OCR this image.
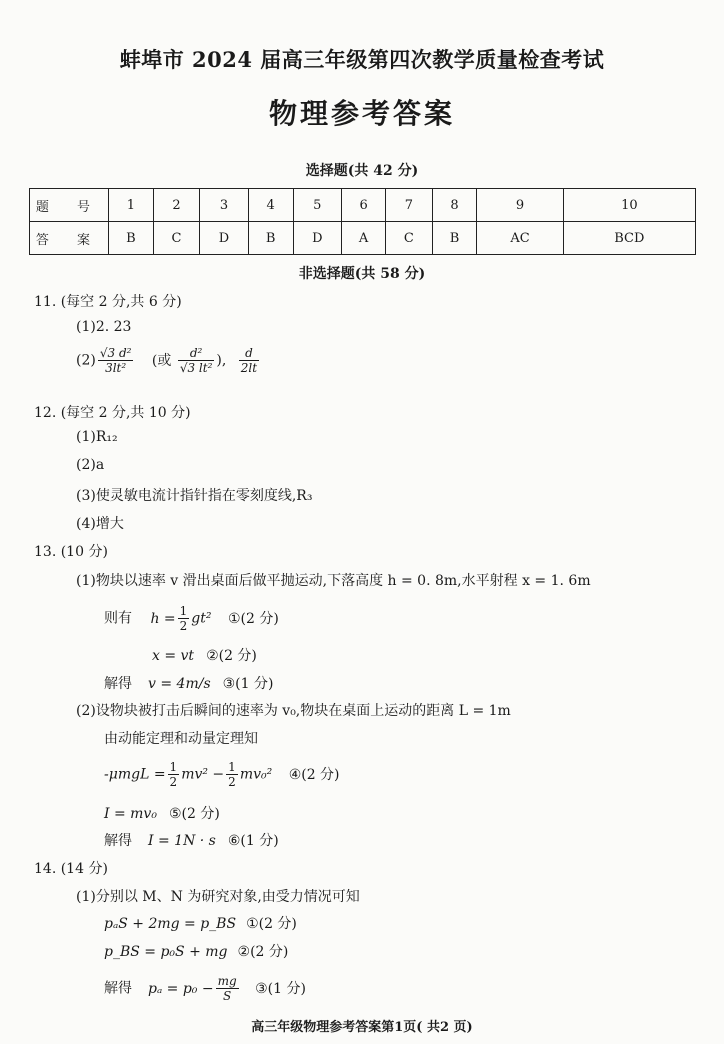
蚌埠市 2024 届高三年级第四次教学质量检查考试
物理参考答案
选择题(共 42 分)
题 号	1	2	3	4	5	6	7	8	9	10
答 案	B	C	D	B	D	A	C	B	AC	BCD
非选择题(共 58 分)
11. (每空 2 分,共 6 分)
(1)2. 23
$(2) \frac{\text{√3 d²}}{\text{3lt²}}$ (或 $\frac{\text{d²}}{\text{√3 lt²}}$ ), $\frac{d}{2lt}$
12. (每空 2 分,共 10 分)
(1)R₁₂
(2)a
(3)使灵敏电流计指针指在零刻度线,R₃
(4)增大
13. (10 分)
(1)物块以速率 v 滑出桌面后做平抛运动,下落高度 h = 0. 8m,水平射程 x = 1. 6m
则有 $h = \frac{1}{2} gt^2$ ①(2 分)
x = vt ②(2 分)
解得 v = 4m/s ③(1 分)
(2)设物块被打击后瞬间的速率为 v₀,物块在桌面上运动的距离 L = 1m
由动能定理和动量定理知
$-\mu mgL = \frac{1}{2} mv^2 - \frac{1}{2} mv_0^2$ ④(2 分)
I = mv₀ ⑤(2 分)
解得 I = 1N · s ⑥(1 分)
14. (14 分)
(1)分别以 M、N 为研究对象,由受力情况可知
pₐS + 2mg = p_BS ①(2 分)
p_BS = p₀S + mg ②(2 分)
解得 $p_a = p_0 - \frac{mg}{S}$ ③(1 分)
高三年级物理参考答案第1页( 共2 页)
